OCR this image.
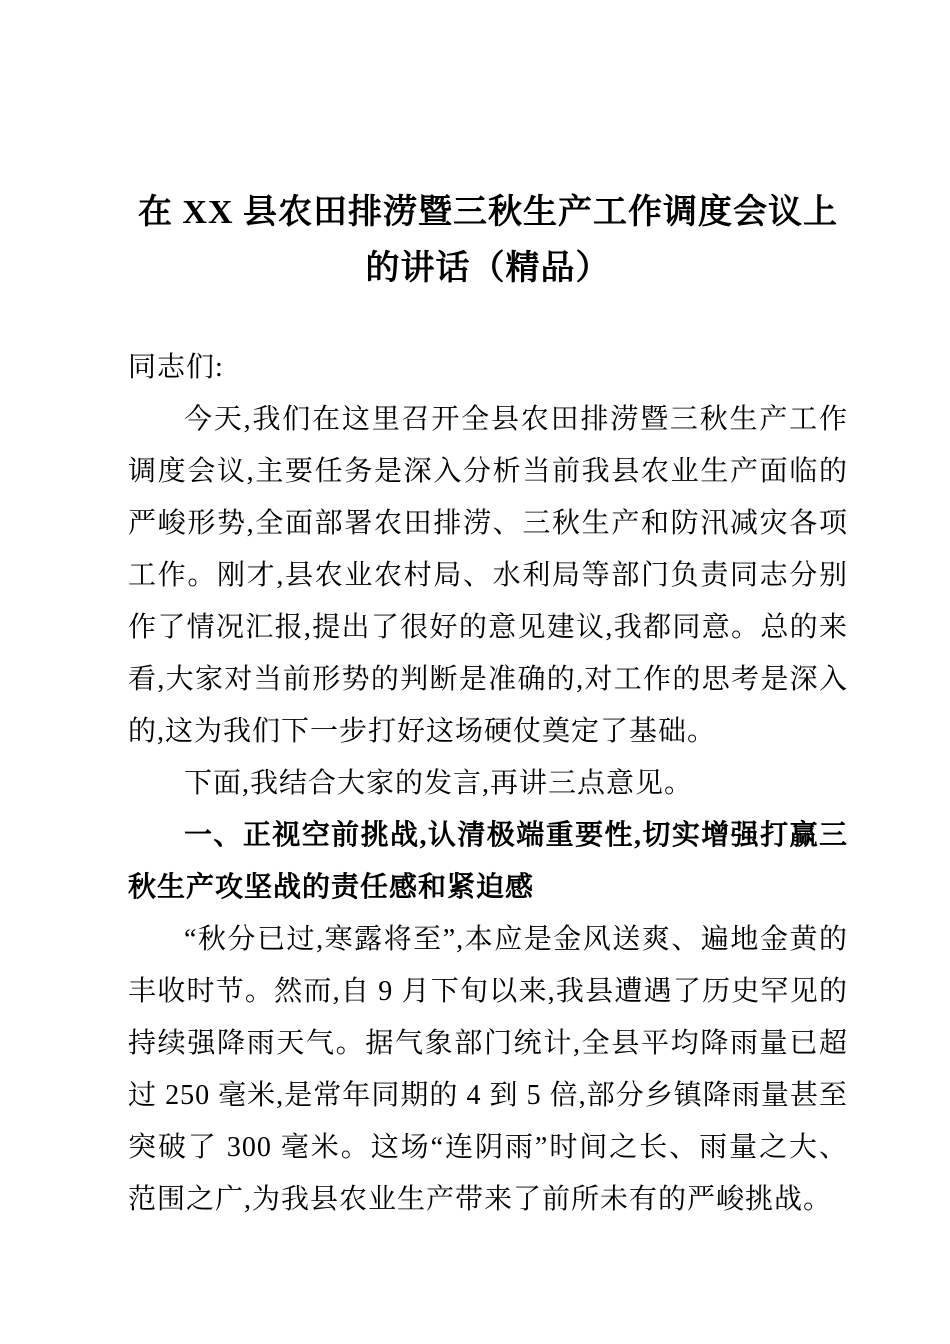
在 XX 县农田排涝暨三秋生产工作调度会议上的讲话（精品）

同志们:

今天,我们在这里召开全县农田排涝暨三秋生产工作调度会议,主要任务是深入分析当前我县农业生产面临的严峻形势,全面部署农田排涝、三秋生产和防汛减灾各项工作。刚才,县农业农村局、水利局等部门负责同志分别作了情况汇报,提出了很好的意见建议,我都同意。总的来看,大家对当前形势的判断是准确的,对工作的思考是深入的,这为我们下一步打好这场硬仗奠定了基础。

下面,我结合大家的发言,再讲三点意见。

一、正视空前挑战,认清极端重要性,切实增强打赢三秋生产攻坚战的责任感和紧迫感

“秋分已过,寒露将至”,本应是金风送爽、遍地金黄的丰收时节。然而,自 9 月下旬以来,我县遭遇了历史罕见的持续强降雨天气。据气象部门统计,全县平均降雨量已超过 250 毫米,是常年同期的 4 到 5 倍,部分乡镇降雨量甚至突破了 300 毫米。这场“连阴雨”时间之长、雨量之大、范围之广,为我县农业生产带来了前所未有的严峻挑战。
